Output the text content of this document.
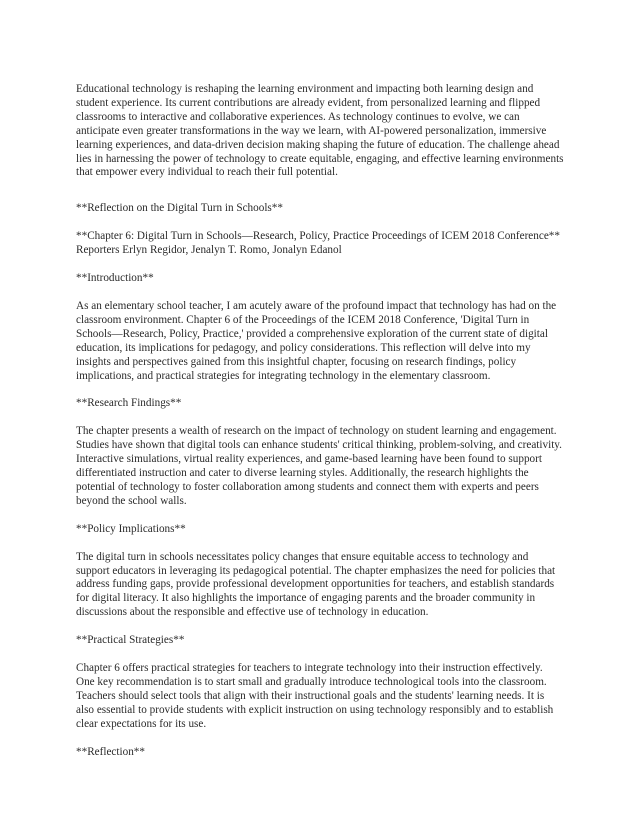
Educational technology is reshaping the learning environment and impacting both learning design and student experience. Its current contributions are already evident, from personalized learning and flipped classrooms to interactive and collaborative experiences. As technology continues to evolve, we can anticipate even greater transformations in the way we learn, with AI-powered personalization, immersive learning experiences, and data-driven decision making shaping the future of education. The challenge ahead lies in harnessing the power of technology to create equitable, engaging, and effective learning environments that empower every individual to reach their full potential.

**Reflection on the Digital Turn in Schools**

**Chapter 6: Digital Turn in Schools—Research, Policy, Practice Proceedings of ICEM 2018 Conference**

Reporters Erlyn Regidor, Jenalyn T. Romo, Jonalyn Edanol

**Introduction**

As an elementary school teacher, I am acutely aware of the profound impact that technology has had on the classroom environment. Chapter 6 of the Proceedings of the ICEM 2018 Conference, 'Digital Turn in Schools—Research, Policy, Practice,' provided a comprehensive exploration of the current state of digital education, its implications for pedagogy, and policy considerations. This reflection will delve into my insights and perspectives gained from this insightful chapter, focusing on research findings, policy implications, and practical strategies for integrating technology in the elementary classroom.

**Research Findings**

The chapter presents a wealth of research on the impact of technology on student learning and engagement. Studies have shown that digital tools can enhance students' critical thinking, problem-solving, and creativity. Interactive simulations, virtual reality experiences, and game-based learning have been found to support differentiated instruction and cater to diverse learning styles. Additionally, the research highlights the potential of technology to foster collaboration among students and connect them with experts and peers beyond the school walls.

**Policy Implications**

The digital turn in schools necessitates policy changes that ensure equitable access to technology and support educators in leveraging its pedagogical potential. The chapter emphasizes the need for policies that address funding gaps, provide professional development opportunities for teachers, and establish standards for digital literacy. It also highlights the importance of engaging parents and the broader community in discussions about the responsible and effective use of technology in education.

**Practical Strategies**

Chapter 6 offers practical strategies for teachers to integrate technology into their instruction effectively. One key recommendation is to start small and gradually introduce technological tools into the classroom. Teachers should select tools that align with their instructional goals and the students' learning needs. It is also essential to provide students with explicit instruction on using technology responsibly and to establish clear expectations for its use.

**Reflection**
